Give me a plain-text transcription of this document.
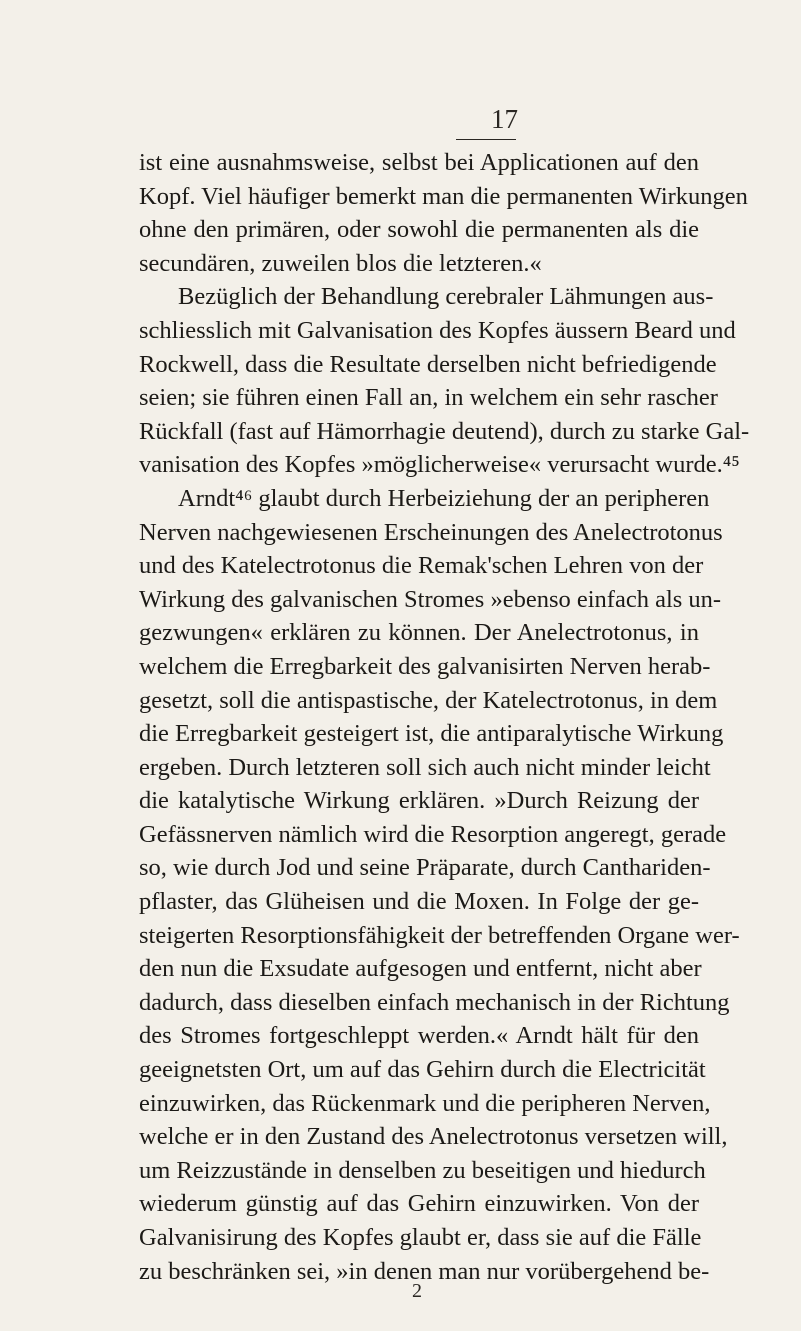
17
ist eine ausnahmsweise, selbst bei Applicationen auf den
Kopf. Viel häufiger bemerkt man die permanenten Wirkungen
ohne den primären, oder sowohl die permanenten als die
secundären, zuweilen blos die letzteren.«
Bezüglich der Behandlung cerebraler Lähmungen aus-
schliesslich mit Galvanisation des Kopfes äussern Beard und
Rockwell, dass die Resultate derselben nicht befriedigende
seien; sie führen einen Fall an, in welchem ein sehr rascher
Rückfall (fast auf Hämorrhagie deutend), durch zu starke Gal-
vanisation des Kopfes »möglicherweise« verursacht wurde.⁴⁵
Arndt⁴⁶ glaubt durch Herbeiziehung der an peripheren
Nerven nachgewiesenen Erscheinungen des Anelectrotonus
und des Katelectrotonus die Remak'schen Lehren von der
Wirkung des galvanischen Stromes »ebenso einfach als un-
gezwungen« erklären zu können. Der Anelectrotonus, in
welchem die Erregbarkeit des galvanisirten Nerven herab-
gesetzt, soll die antispastische, der Katelectrotonus, in dem
die Erregbarkeit gesteigert ist, die antiparalytische Wirkung
ergeben. Durch letzteren soll sich auch nicht minder leicht
die katalytische Wirkung erklären. »Durch Reizung der
Gefässnerven nämlich wird die Resorption angeregt, gerade
so, wie durch Jod und seine Präparate, durch Canthariden-
pflaster, das Glüheisen und die Moxen. In Folge der ge-
steigerten Resorptionsfähigkeit der betreffenden Organe wer-
den nun die Exsudate aufgesogen und entfernt, nicht aber
dadurch, dass dieselben einfach mechanisch in der Richtung
des Stromes fortgeschleppt werden.« Arndt hält für den
geeignetsten Ort, um auf das Gehirn durch die Electricität
einzuwirken, das Rückenmark und die peripheren Nerven,
welche er in den Zustand des Anelectrotonus versetzen will,
um Reizzustände in denselben zu beseitigen und hiedurch
wiederum günstig auf das Gehirn einzuwirken. Von der
Galvanisirung des Kopfes glaubt er, dass sie auf die Fälle
zu beschränken sei, »in denen man nur vorübergehend be-
2
